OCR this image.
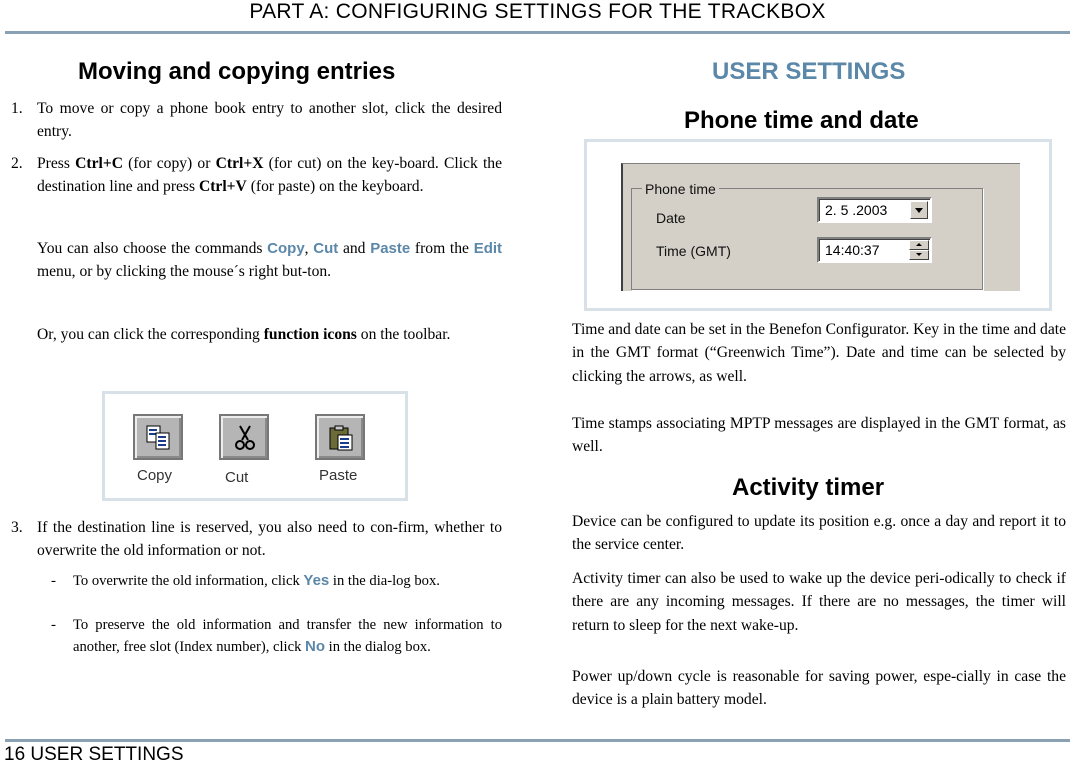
PART A: CONFIGURING SETTINGS FOR THE TRACKBOX
Moving and copying entries
1. To move or copy a phone book entry to another slot, click the desired entry.

2. Press Ctrl+C (for copy) or Ctrl+X (for cut) on the key-board. Click the destination line and press Ctrl+V (for paste) on the keyboard.

You can also choose the commands Copy, Cut and Paste from the Edit menu, or by clicking the mouse´s right but-ton.

Or, you can click the corresponding function icons on the toolbar.

Copy	Cut	Paste
3. If the destination line is reserved, you also need to con-firm, whether to overwrite the old information or not.

- To overwrite the old information, click Yes in the dia-log box.

- To preserve the old information and transfer the new information to another, free slot (Index number), click No in the dialog box.

USER SETTINGS
Phone time and date
Phone time
Date	2. 5 .2003
Time (GMT)	14:40:37

Time and date can be set in the Benefon Configurator. Key in the time and date in the GMT format (“Greenwich Time”). Date and time can be selected by clicking the arrows, as well.

Time stamps associating MPTP messages are displayed in the GMT format, as well.

Activity timer

Device can be configured to update its position e.g. once a day and report it to the service center.

Activity timer can also be used to wake up the device peri-odically to check if there are any incoming messages. If there are no messages, the timer will return to sleep for the next wake-up.

Power up/down cycle is reasonable for saving power, espe-cially in case the device is a plain battery model.

16 USER SETTINGS
